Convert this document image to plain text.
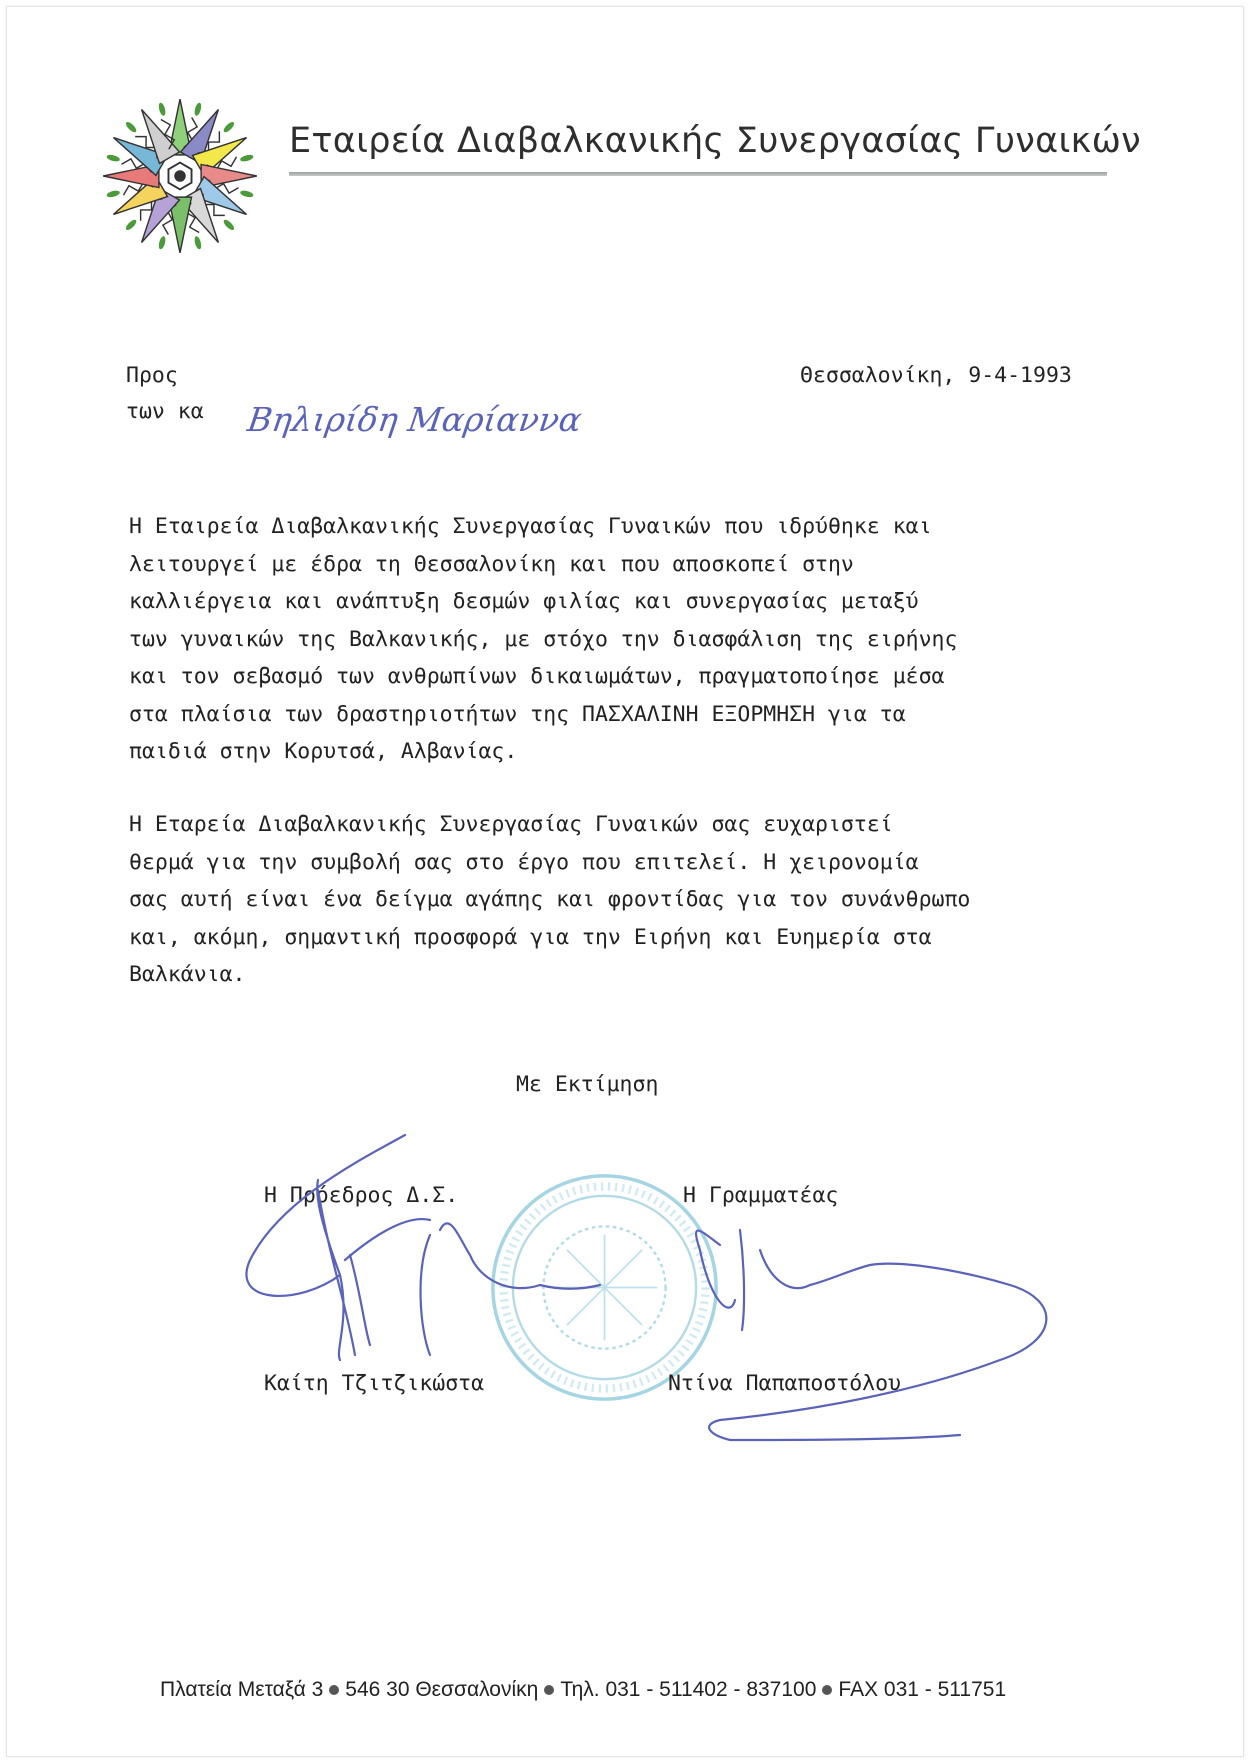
Εταιρεία Διαβαλκανικής Συνεργασίας Γυναικών
Προς	Θεσσαλονίκη, 9-4-1993
των κα Βηλιρίδη Μαρίαννα
Η Εταιρεία Διαβαλκανικής Συνεργασίας Γυναικών που ιδρύθηκε και
λειτουργεί με έδρα τη Θεσσαλονίκη και που αποσκοπεί στην
καλλιέργεια και ανάπτυξη δεσμών φιλίας και συνεργασίας μεταξύ
των γυναικών της Βαλκανικής, με στόχο την διασφάλιση της ειρήνης
και τον σεβασμό των ανθρωπίνων δικαιωμάτων, πραγματοποίησε μέσα
στα πλαίσια των δραστηριοτήτων της ΠΑΣΧΑΛΙΝΗ ΕΞΟΡΜΗΣΗ για τα
παιδιά στην Κορυτσά, Αλβανίας.
Η Εταρεία Διαβαλκανικής Συνεργασίας Γυναικών σας ευχαριστεί
θερμά για την συμβολή σας στο έργο που επιτελεί. Η χειρονομία
σας αυτή είναι ένα δείγμα αγάπης και φροντίδας για τον συνάνθρωπο
και, ακόμη, σημαντική προσφορά για την Ειρήνη και Ευημερία στα
Βαλκάνια.
Με Εκτίμηση
Η Πρόεδρος Δ.Σ.	Η Γραμματέας
Καίτη Τζιτζικώστα	Ντίνα Παπαποστόλου
Πλατεία Μεταξά 3 546 30 Θεσσαλονίκη Τηλ. 031 - 511402 - 837100 FAX 031 - 511751
